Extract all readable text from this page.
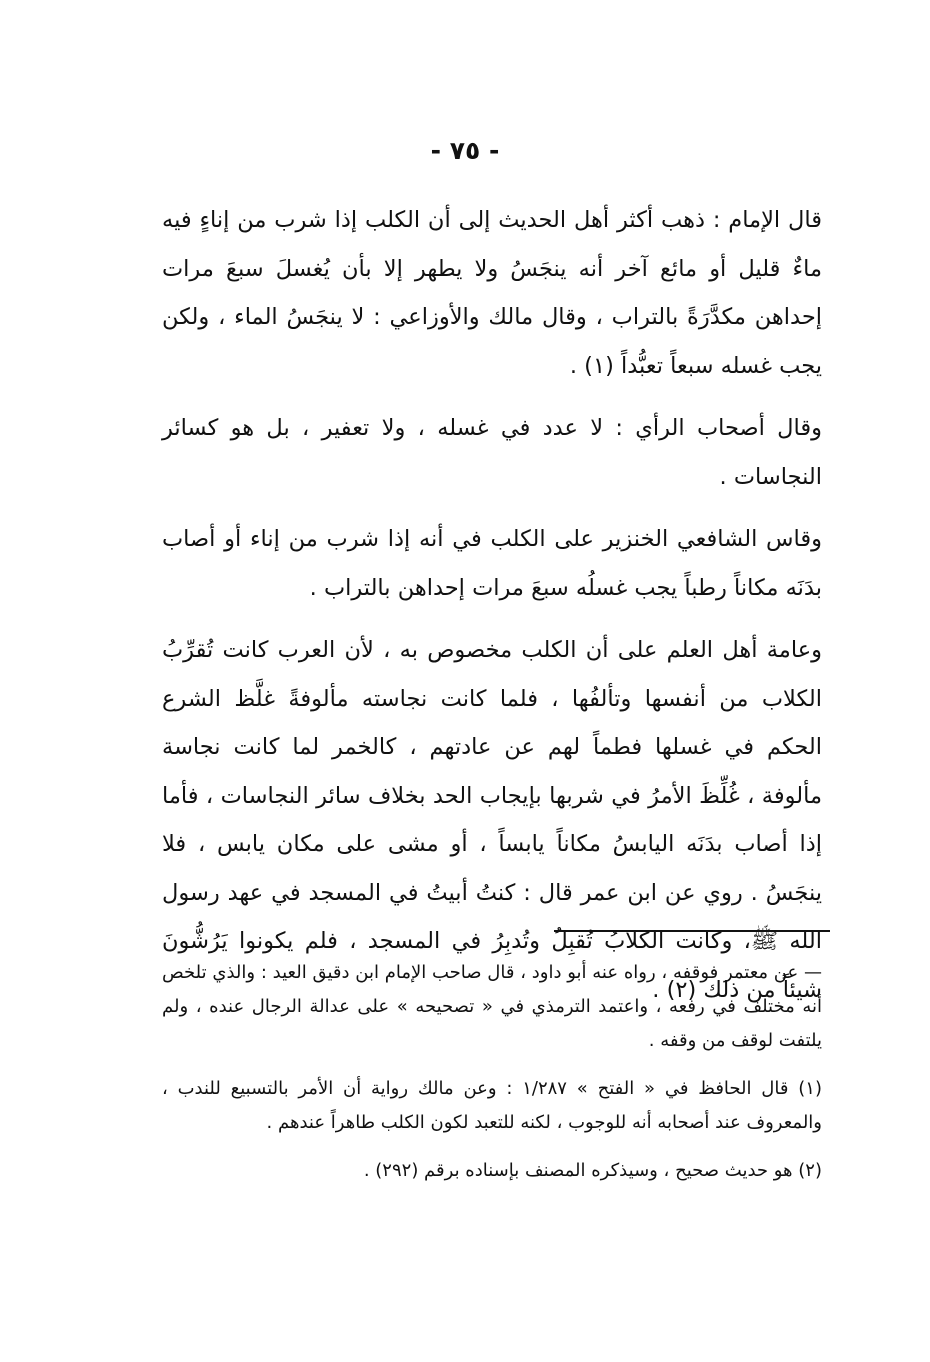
- ٧٥ -

قال الإمام : ذهب أكثر أهل الحديث إلى أن الكلب إذا شرب من إناءٍ فيه ماءٌ قليل أو مائع آخر أنه ينجَسُ ولا يطهر إلا بأن يُغسلَ سبعَ مرات إحداهن مكدَّرَةً بالتراب ، وقال مالك والأوزاعي : لا ينجَسُ الماء ، ولكن يجب غسله سبعاً تعبُّداً (١) .

وقال أصحاب الرأي : لا عدد في غسله ، ولا تعفير ، بل هو كسائر النجاسات .

وقاس الشافعي الخنزير على الكلب في أنه إذا شرب من إناء أو أصاب بدَنَه مكاناً رطباً يجب غسلُه سبعَ مرات إحداهن بالتراب .

وعامة أهل العلم على أن الكلب مخصوص به ، لأن العرب كانت تُقرِّبُ الكلاب من أنفسها وتألفُها ، فلما كانت نجاسته مألوفةً غلَّظ الشرع الحكم في غسلها فطماً لهم عن عادتهم ، كالخمر لما كانت نجاسة مألوفة ، غُلِّظَ الأمرُ في شربها بإيجاب الحد بخلاف سائر النجاسات ، فأما إذا أصاب بدَنَه اليابسُ مكاناً يابساً ، أو مشى على مكان يابس ، فلا ينجَسُ . روي عن ابن عمر قال : كنتُ أبيتُ في المسجد في عهد رسول الله ﷺ، وكانت الكلابُ تُقبِلُ وتُدبِرُ في المسجد ، فلم يكونوا يَرُشُّونَ شيئاً من ذلك (٢) .

— عن معتمر فوقفه ، رواه عنه أبو داود ، قال صاحب الإمام ابن دقيق العيد : والذي تلخص أنه مختلف في رفعه ، واعتمد الترمذي في « تصحيحه » على عدالة الرجال عنده ، ولم يلتفت لوقف من وقفه .

(١) قال الحافظ في « الفتح » ١/٢٨٧ : وعن مالك رواية أن الأمر بالتسبيع للندب ، والمعروف عند أصحابه أنه للوجوب ، لكنه للتعبد لكون الكلب طاهراً عندهم .

(٢) هو حديث صحيح ، وسيذكره المصنف بإسناده برقم (٢٩٢) .
